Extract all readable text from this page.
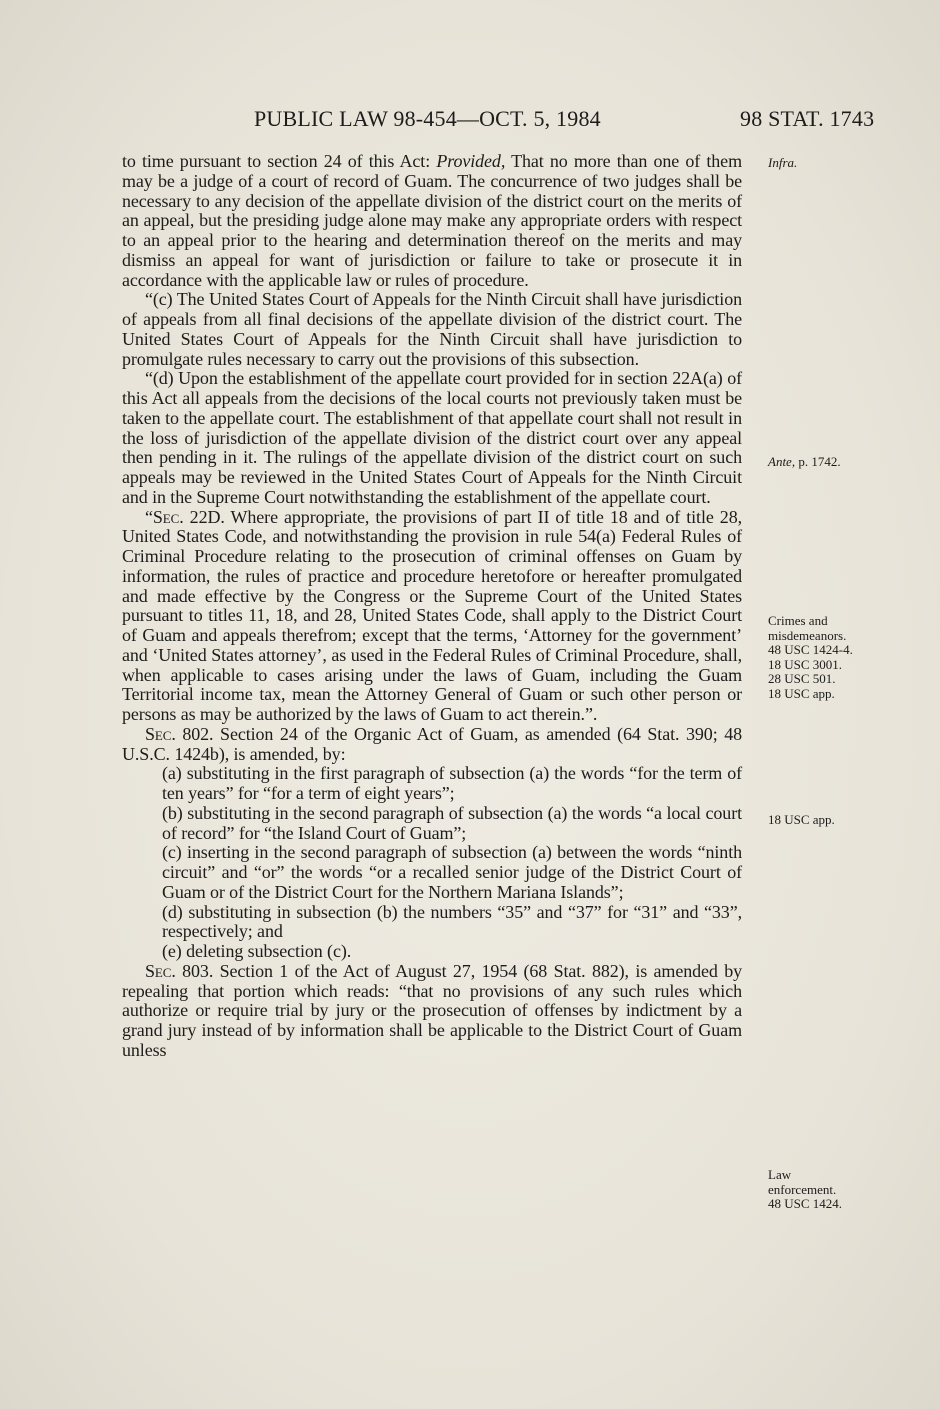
PUBLIC LAW 98-454—OCT. 5, 1984	98 STAT. 1743

to time pursuant to section 24 of this Act: Provided, That no more than one of them may be a judge of a court of record of Guam. The concurrence of two judges shall be necessary to any decision of the appellate division of the district court on the merits of an appeal, but the presiding judge alone may make any appropriate orders with respect to an appeal prior to the hearing and determination thereof on the merits and may dismiss an appeal for want of jurisdiction or failure to take or prosecute it in accordance with the applicable law or rules of procedure.

“(c) The United States Court of Appeals for the Ninth Circuit shall have jurisdiction of appeals from all final decisions of the appellate division of the district court. The United States Court of Appeals for the Ninth Circuit shall have jurisdiction to promulgate rules necessary to carry out the provisions of this subsection.

“(d) Upon the establishment of the appellate court provided for in section 22A(a) of this Act all appeals from the decisions of the local courts not previously taken must be taken to the appellate court. The establishment of that appellate court shall not result in the loss of jurisdiction of the appellate division of the district court over any appeal then pending in it. The rulings of the appellate division of the district court on such appeals may be reviewed in the United States Court of Appeals for the Ninth Circuit and in the Supreme Court notwithstanding the establishment of the appellate court.

“Sec. 22D. Where appropriate, the provisions of part II of title 18 and of title 28, United States Code, and notwithstanding the provision in rule 54(a) Federal Rules of Criminal Procedure relating to the prosecution of criminal offenses on Guam by information, the rules of practice and procedure heretofore or hereafter promulgated and made effective by the Congress or the Supreme Court of the United States pursuant to titles 11, 18, and 28, United States Code, shall apply to the District Court of Guam and appeals therefrom; except that the terms, ‘Attorney for the government’ and ‘United States attorney’, as used in the Federal Rules of Criminal Procedure, shall, when applicable to cases arising under the laws of Guam, including the Guam Territorial income tax, mean the Attorney General of Guam or such other person or persons as may be authorized by the laws of Guam to act therein.”.

Sec. 802. Section 24 of the Organic Act of Guam, as amended (64 Stat. 390; 48 U.S.C. 1424b), is amended, by:

(a) substituting in the first paragraph of subsection (a) the words “for the term of ten years” for “for a term of eight years”;

(b) substituting in the second paragraph of subsection (a) the words “a local court of record” for “the Island Court of Guam”;

(c) inserting in the second paragraph of subsection (a) between the words “ninth circuit” and “or” the words “or a recalled senior judge of the District Court of Guam or of the District Court for the Northern Mariana Islands”;

(d) substituting in subsection (b) the numbers “35” and “37” for “31” and “33”, respectively; and

(e) deleting subsection (c).

Sec. 803. Section 1 of the Act of August 27, 1954 (68 Stat. 882), is amended by repealing that portion which reads: “that no provisions of any such rules which authorize or require trial by jury or the prosecution of offenses by indictment by a grand jury instead of by information shall be applicable to the District Court of Guam unless

Infra.
Ante, p. 1742.
Crimes and
misdemeanors.
48 USC 1424-4.
18 USC 3001.
28 USC 501.
18 USC app.
18 USC app.
Law
enforcement.
48 USC 1424.
